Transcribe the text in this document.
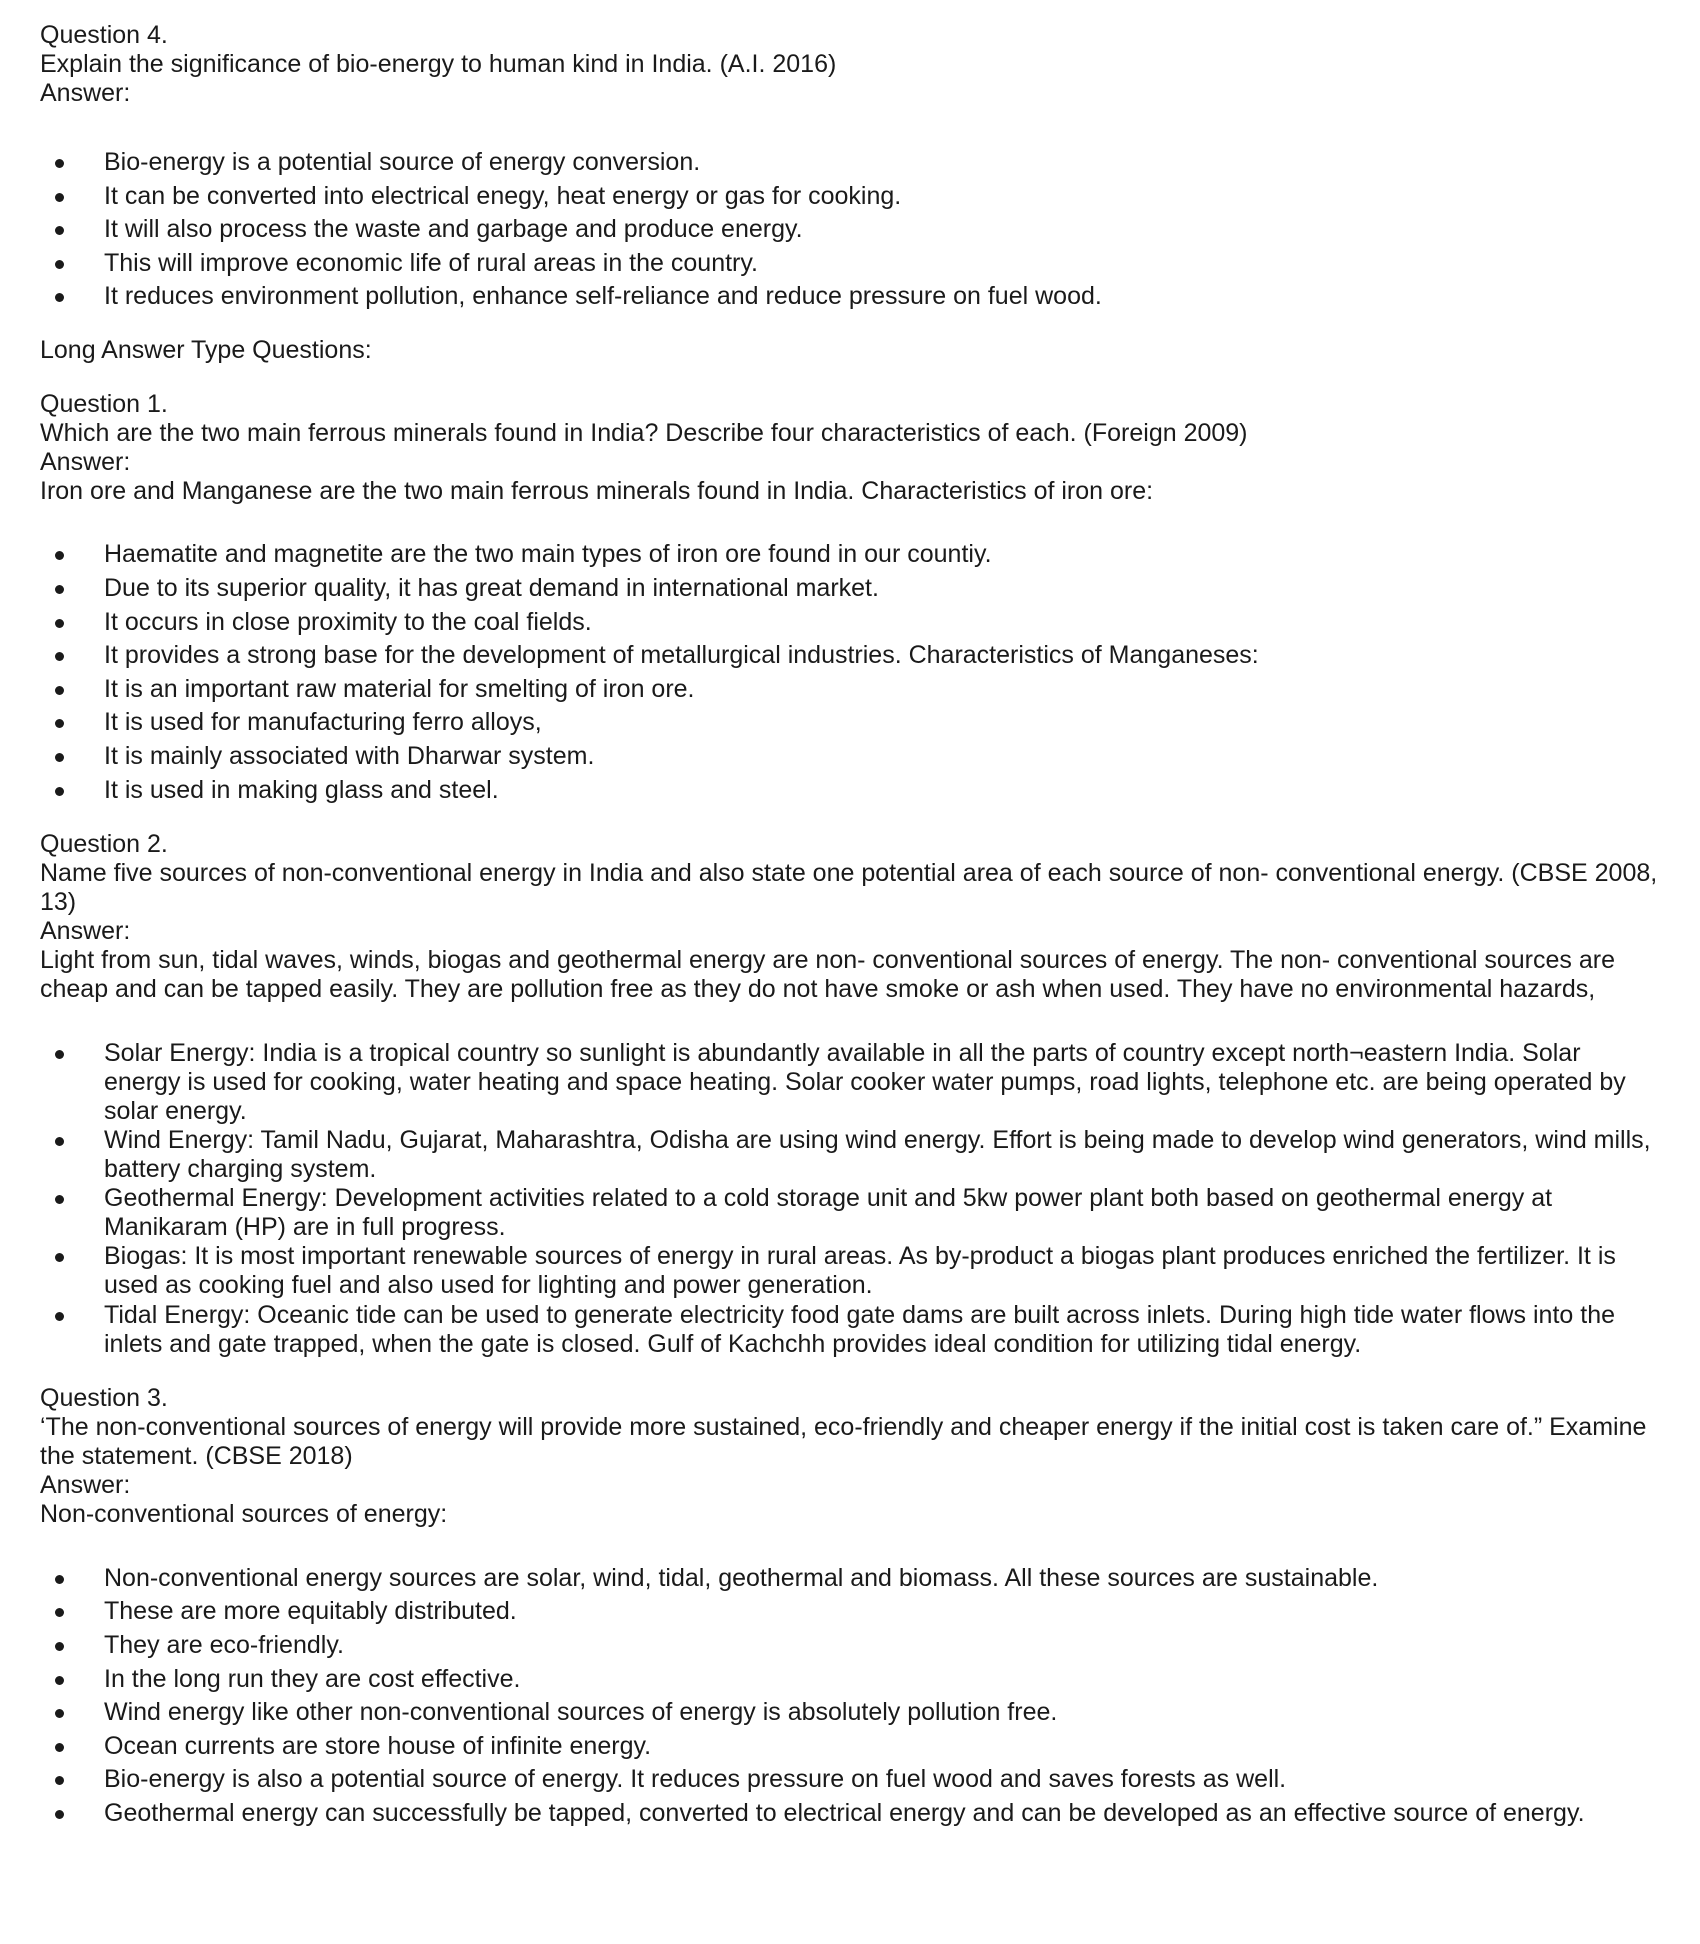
Question 4.

Explain the significance of bio-energy to human kind in India. (A.I. 2016)

Answer:

Bio-energy is a potential source of energy conversion.
It can be converted into electrical enegy, heat energy or gas for cooking.
It will also process the waste and garbage and produce energy.
This will improve economic life of rural areas in the country.
It reduces environment pollution, enhance self-reliance and reduce pressure on fuel wood.

Long Answer Type Questions:

Question 1.

Which are the two main ferrous minerals found in India? Describe four characteristics of each. (Foreign 2009)

Answer:

Iron ore and Manganese are the two main ferrous minerals found in India. Characteristics of iron ore:

Haematite and magnetite are the two main types of iron ore found in our countiy.
Due to its superior quality, it has great demand in international market.
It occurs in close proximity to the coal fields.
It provides a strong base for the development of metallurgical industries. Characteristics of Manganeses:
It is an important raw material for smelting of iron ore.
It is used for manufacturing ferro alloys,
It is mainly associated with Dharwar system.
It is used in making glass and steel.

Question 2.

Name five sources of non-conventional energy in India and also state one potential area of each source of non- conventional energy. (CBSE 2008, 13)

Answer:

Light from sun, tidal waves, winds, biogas and geothermal energy are non- conventional sources of energy. The non- conventional sources are cheap and can be tapped easily. They are pollution free as they do not have smoke or ash when used. They have no environmental hazards,

Solar Energy: India is a tropical country so sunlight is abundantly available in all the parts of country except north¬eastern India. Solar energy is used for cooking, water heating and space heating. Solar cooker water pumps, road lights, telephone etc. are being operated by solar energy.
Wind Energy: Tamil Nadu, Gujarat, Maharashtra, Odisha are using wind energy. Effort is being made to develop wind generators, wind mills, battery charging system.
Geothermal Energy: Development activities related to a cold storage unit and 5kw power plant both based on geothermal energy at Manikaram (HP) are in full progress.
Biogas: It is most important renewable sources of energy in rural areas. As by-product a biogas plant produces enriched the fertilizer. It is used as cooking fuel and also used for lighting and power generation.
Tidal Energy: Oceanic tide can be used to generate electricity food gate dams are built across inlets. During high tide water flows into the inlets and gate trapped, when the gate is closed. Gulf of Kachchh provides ideal condition for utilizing tidal energy.

Question 3.

‘The non-conventional sources of energy will provide more sustained, eco-friendly and cheaper energy if the initial cost is taken care of.” Examine the statement. (CBSE 2018)

Answer:

Non-conventional sources of energy:

Non-conventional energy sources are solar, wind, tidal, geothermal and biomass. All these sources are sustainable.
These are more equitably distributed.
They are eco-friendly.
In the long run they are cost effective.
Wind energy like other non-conventional sources of energy is absolutely pollution free.
Ocean currents are store house of infinite energy.
Bio-energy is also a potential source of energy. It reduces pressure on fuel wood and saves forests as well.
Geothermal energy can successfully be tapped, converted to electrical energy and can be developed as an effective source of energy.
